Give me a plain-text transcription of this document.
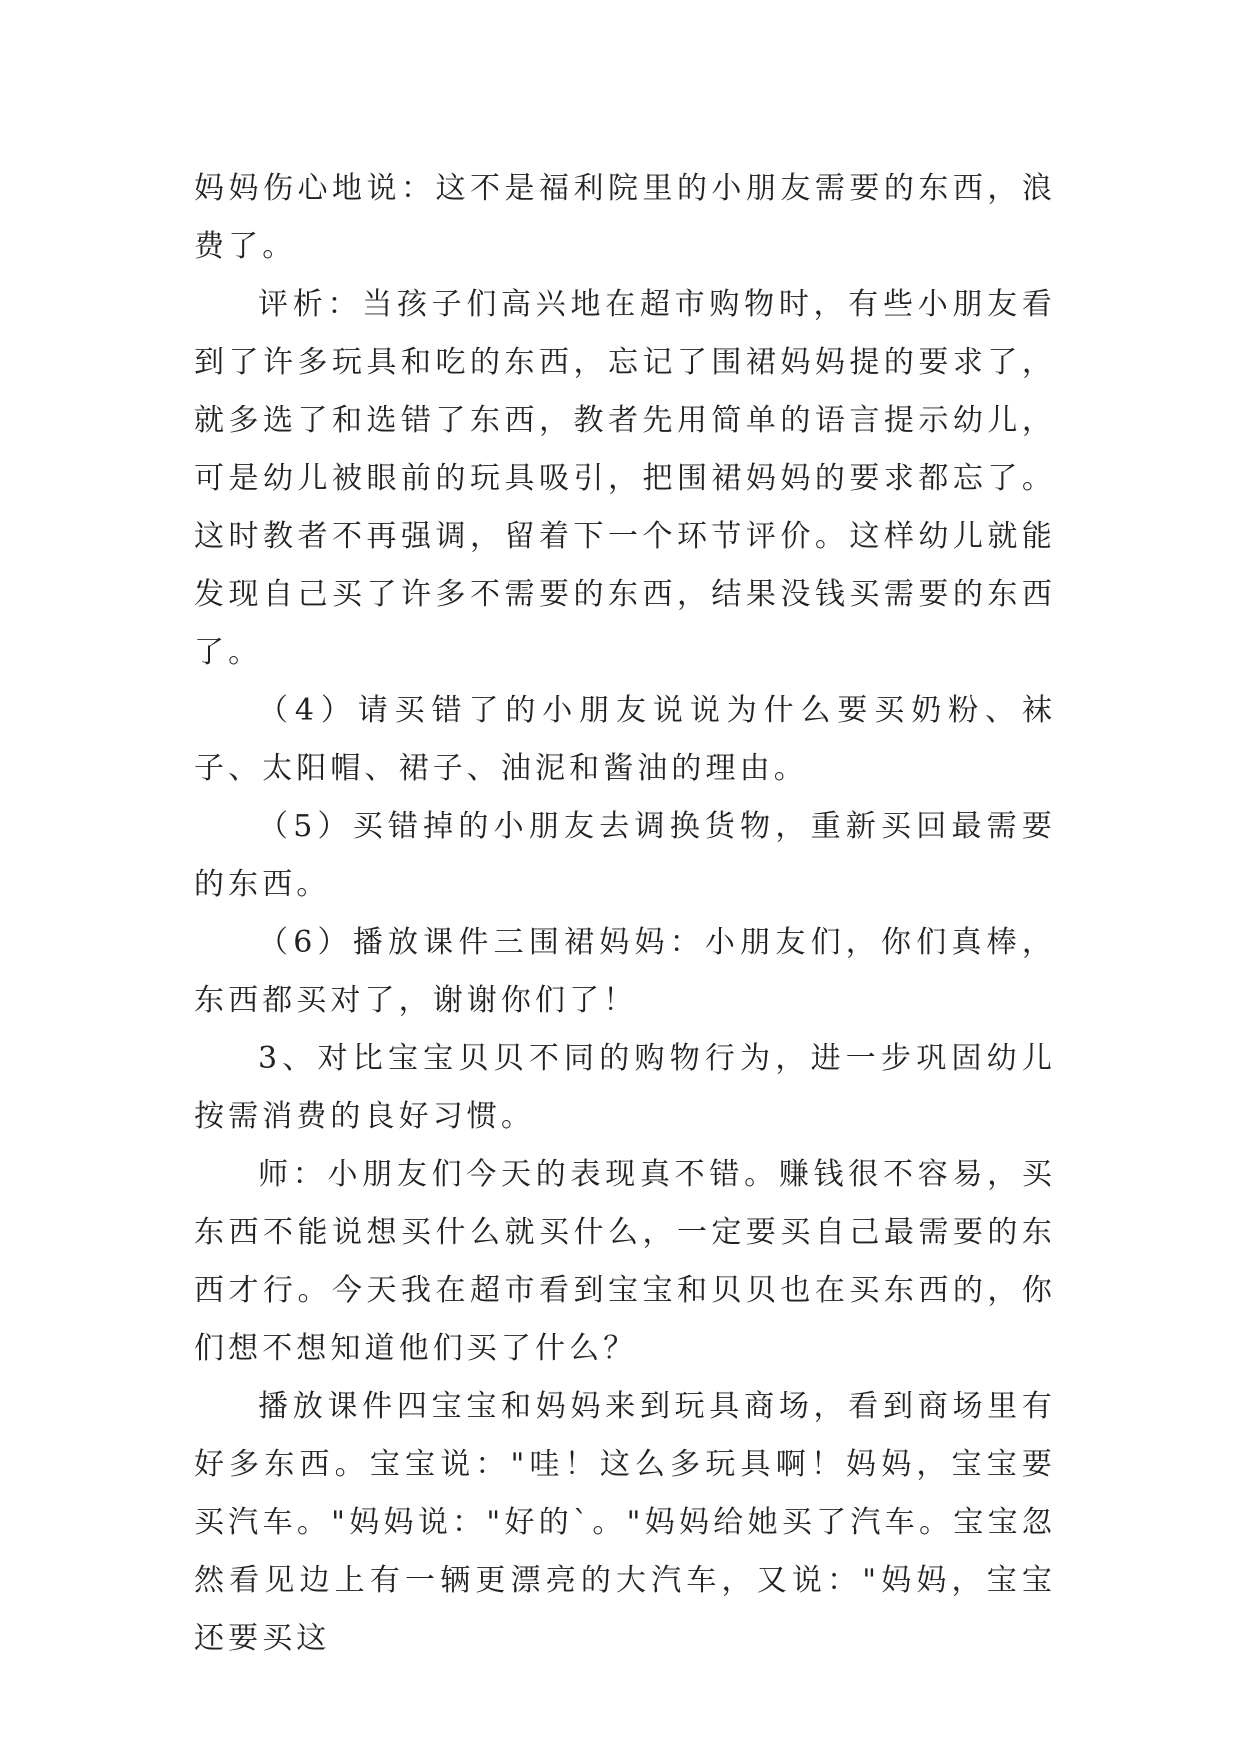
妈妈伤心地说：这不是福利院里的小朋友需要的东西，浪费了。

评析：当孩子们高兴地在超市购物时，有些小朋友看到了许多玩具和吃的东西，忘记了围裙妈妈提的要求了，就多选了和选错了东西，教者先用简单的语言提示幼儿，可是幼儿被眼前的玩具吸引，把围裙妈妈的要求都忘了。这时教者不再强调，留着下一个环节评价。这样幼儿就能发现自己买了许多不需要的东西，结果没钱买需要的东西了。

（4）请买错了的小朋友说说为什么要买奶粉、袜子、太阳帽、裙子、油泥和酱油的理由。

（5）买错掉的小朋友去调换货物，重新买回最需要的东西。

（6）播放课件三围裙妈妈：小朋友们，你们真棒，东西都买对了，谢谢你们了！

3、对比宝宝贝贝不同的购物行为，进一步巩固幼儿按需消费的良好习惯。

师：小朋友们今天的表现真不错。赚钱很不容易，买东西不能说想买什么就买什么，一定要买自己最需要的东西才行。今天我在超市看到宝宝和贝贝也在买东西的，你们想不想知道他们买了什么？

播放课件四宝宝和妈妈来到玩具商场，看到商场里有好多东西。宝宝说："哇！这么多玩具啊！妈妈，宝宝要买汽车。"妈妈说："好的`。"妈妈给她买了汽车。宝宝忽然看见边上有一辆更漂亮的大汽车，又说："妈妈，宝宝还要买这
